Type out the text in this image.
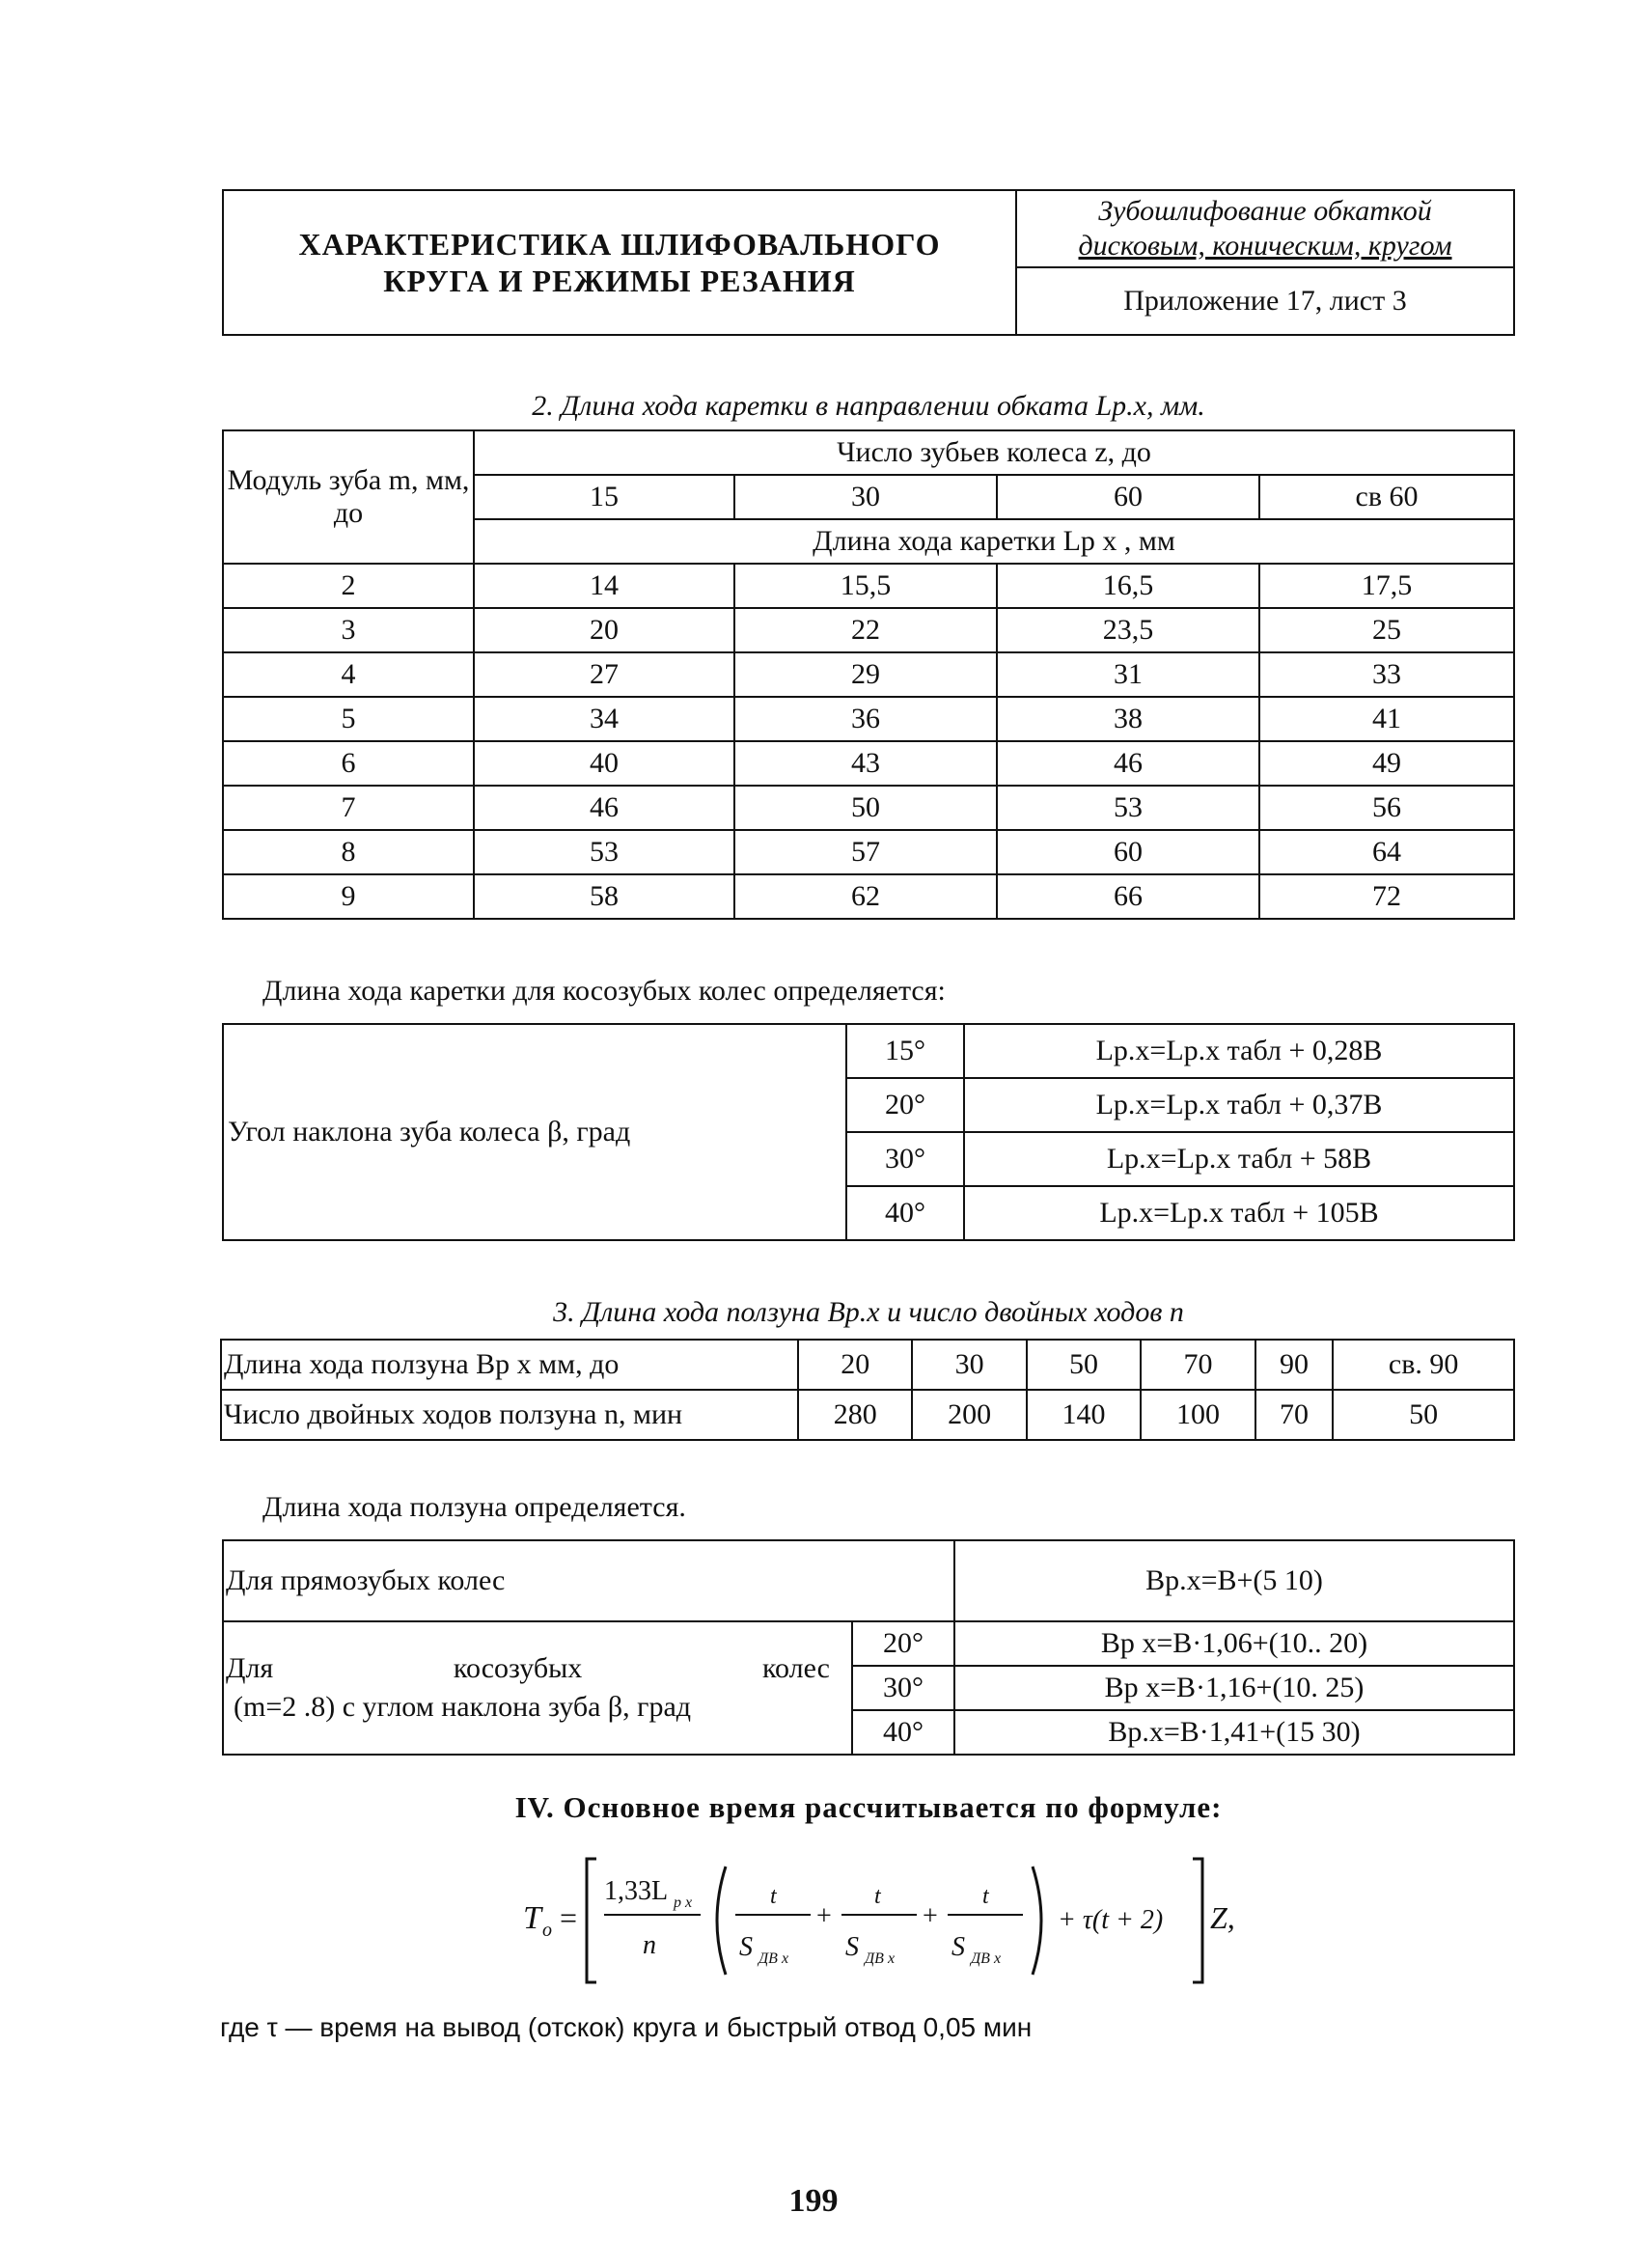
ХАРАКТЕРИСТИКА ШЛИФОВАЛЬНОГО
КРУГА И РЕЖИМЫ РЕЗАНИЯ

Зубошлифование обкаткой
дисковым, коническим, кругом

Приложение 17, лист 3
2. Длина хода каретки в направлении обката Lp.x, мм.
Модуль зуба m, мм, до	Число зубьев колеса z, до			
	15	30	60	св 60
	Длина хода каретки Lp x , мм			
2	14	15,5	16,5	17,5
3	20	22	23,5	25
4	27	29	31	33
5	34	36	38	41
6	40	43	46	49
7	46	50	53	56
8	53	57	60	64
9	58	62	66	72
Длина хода каретки для косозубых колес определяется:
Угол наклона зуба колеса β, град	15°	Lp.x=Lp.x табл + 0,28B
	20°	Lp.x=Lp.x табл + 0,37B
	30°	Lp.x=Lp.x табл + 58B
	40°	Lp.x=Lp.x табл + 105B
3. Длина хода ползуна Bp.x и число двойных ходов n
Длина хода ползуна Bp x мм, до	20	30	50	70	90	св. 90
Число двойных ходов ползуна n, мин	280	200	140	100	70	50
Длина хода ползуна определяется.
Для прямозубых колес		Bp.x=B+(5 10)

Для косозубых колес
(m=2 .8) с углом наклона зуба β, град	20°	Bp x=B·1,06+(10.. 20)
	30°	Bp x=B·1,16+(10. 25)
	40°	Bp.x=B·1,41+(15 30)
IV. Основное время рассчитывается по формуле:
T o =
1,33L p x
n
t
S ДВ x
+
t
S ДВ x
+
t
S ДВ x
+ τ(t + 2) Z,
где τ — время на вывод (отскок) круга и быстрый отвод 0,05 мин
199
